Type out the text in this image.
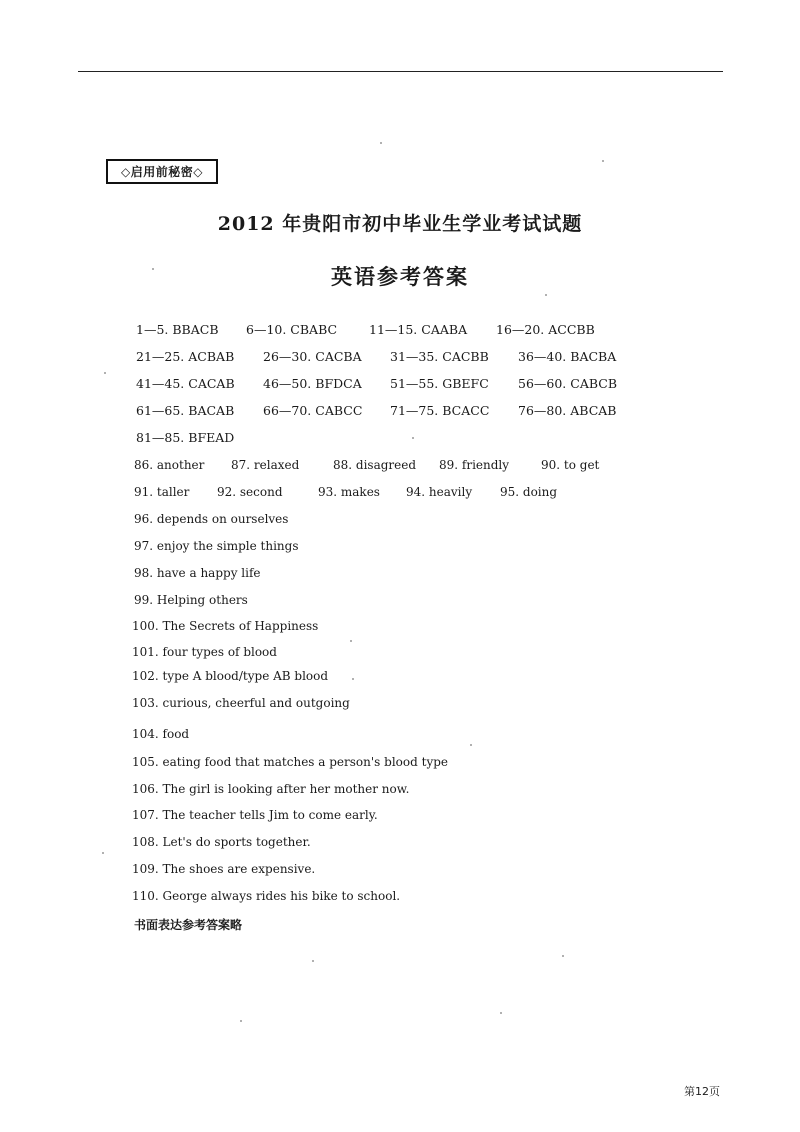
◇启用前秘密◇
2012 年贵阳市初中毕业生学业考试试题
英语参考答案
1—5. BBACB 6—10. CBABC	11—15. CAABA 16—20. ACCBB
21—25. ACBAB 26—30. CACBA 31—35. CACBB 36—40. BACBA
41—45. CACAB 46—50. BFDCA 51—55. GBEFC 56—60. CABCB
61—65. BACAB 66—70. CABCC 71—75. BCACC 76—80. ABCAB
81—85. BFEAD
86. another 87. relaxed	88. disagreed 89. friendly	90. to get
91. taller 92. second	93. makes 94. heavily 95. doing
96. depends on ourselves
97. enjoy the simple things
98. have a happy life
99. Helping others
100. The Secrets of Happiness
101. four types of blood
102. type A blood/type AB blood
103. curious, cheerful and outgoing
104. food
105. eating food that matches a person's blood type
106. The girl is looking after her mother now.
107. The teacher tells Jim to come early.
108. Let's do sports together.
109. The shoes are expensive.
110. George always rides his bike to school.
书面表达参考答案略
第12页
